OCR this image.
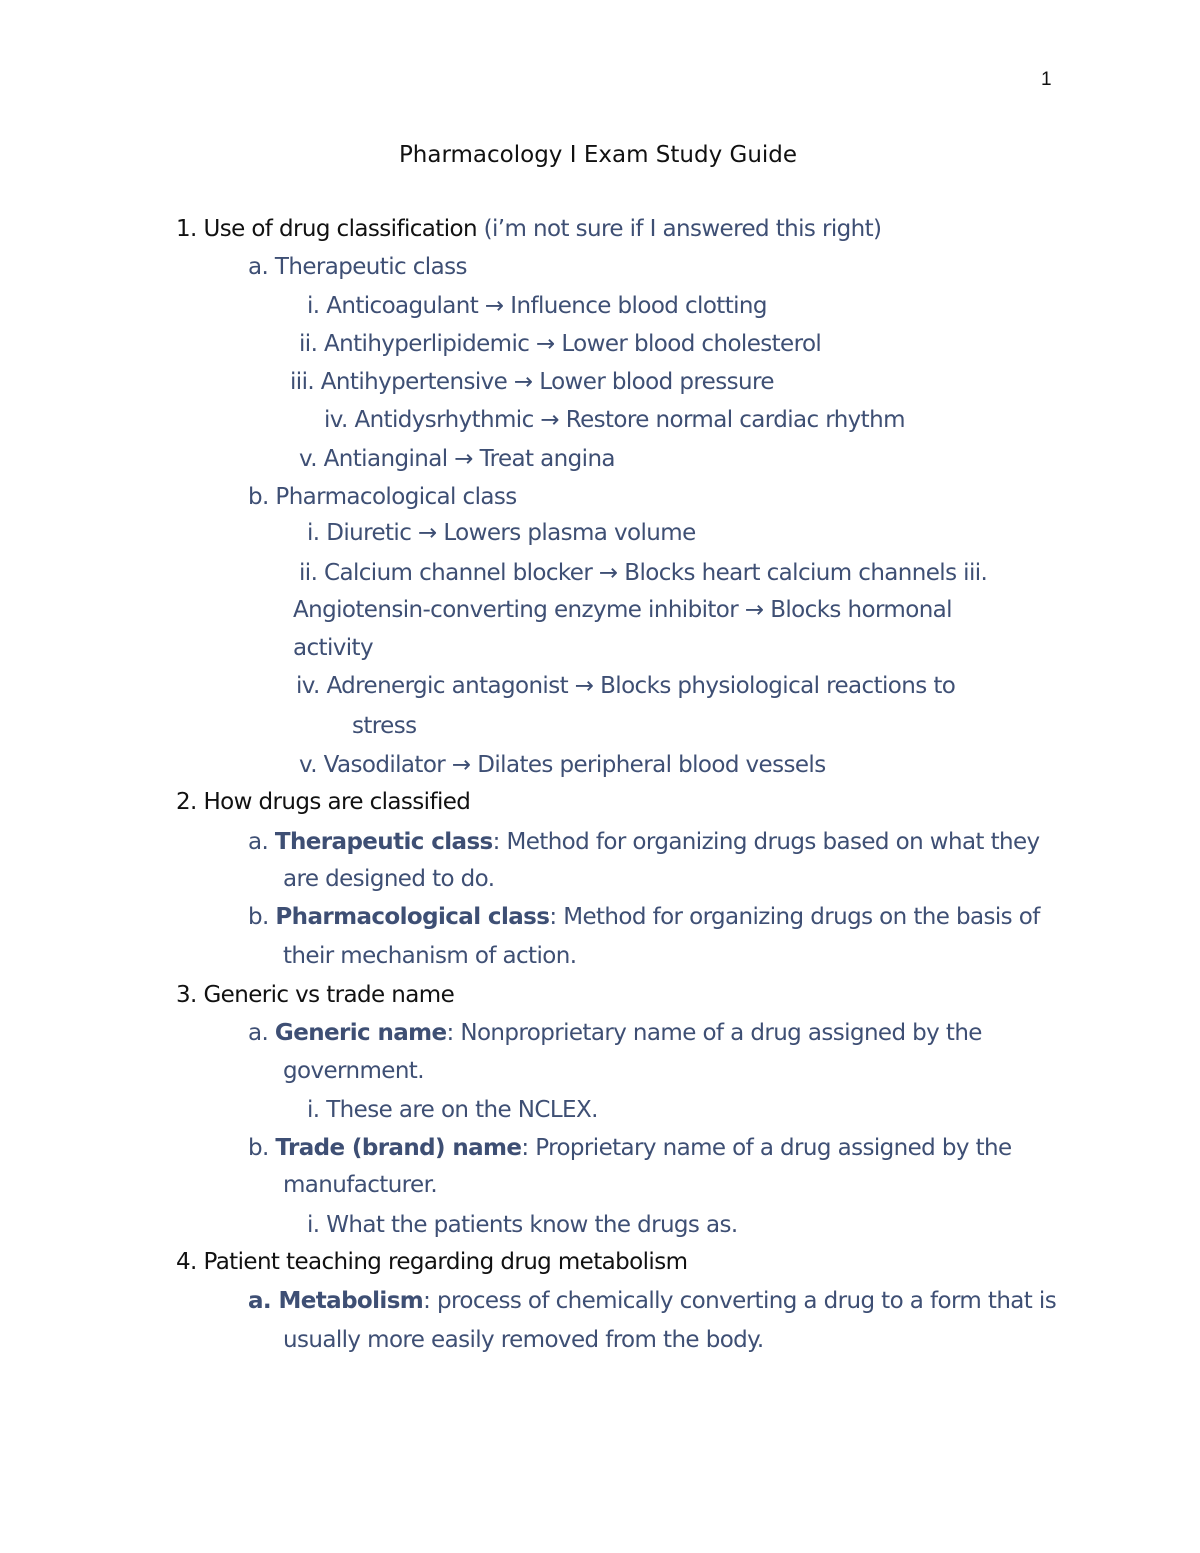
1
Pharmacology I Exam Study Guide
1. Use of drug classification (i’m not sure if I answered this right)
a. Therapeutic class
i. Anticoagulant → Influence blood clotting
ii. Antihyperlipidemic → Lower blood cholesterol
iii. Antihypertensive → Lower blood pressure
iv. Antidysrhythmic → Restore normal cardiac rhythm
v. Antianginal → Treat angina
b. Pharmacological class
i. Diuretic → Lowers plasma volume
ii. Calcium channel blocker → Blocks heart calcium channels iii.
Angiotensin-converting enzyme inhibitor → Blocks hormonal
activity
iv. Adrenergic antagonist → Blocks physiological reactions to
stress
v. Vasodilator → Dilates peripheral blood vessels
2. How drugs are classified
a. Therapeutic class: Method for organizing drugs based on what they
are designed to do.
b. Pharmacological class: Method for organizing drugs on the basis of
their mechanism of action.
3. Generic vs trade name
a. Generic name: Nonproprietary name of a drug assigned by the
government.
i. These are on the NCLEX.
b. Trade (brand) name: Proprietary name of a drug assigned by the
manufacturer.
i. What the patients know the drugs as.
4. Patient teaching regarding drug metabolism
a. Metabolism: process of chemically converting a drug to a form that is
usually more easily removed from the body.
